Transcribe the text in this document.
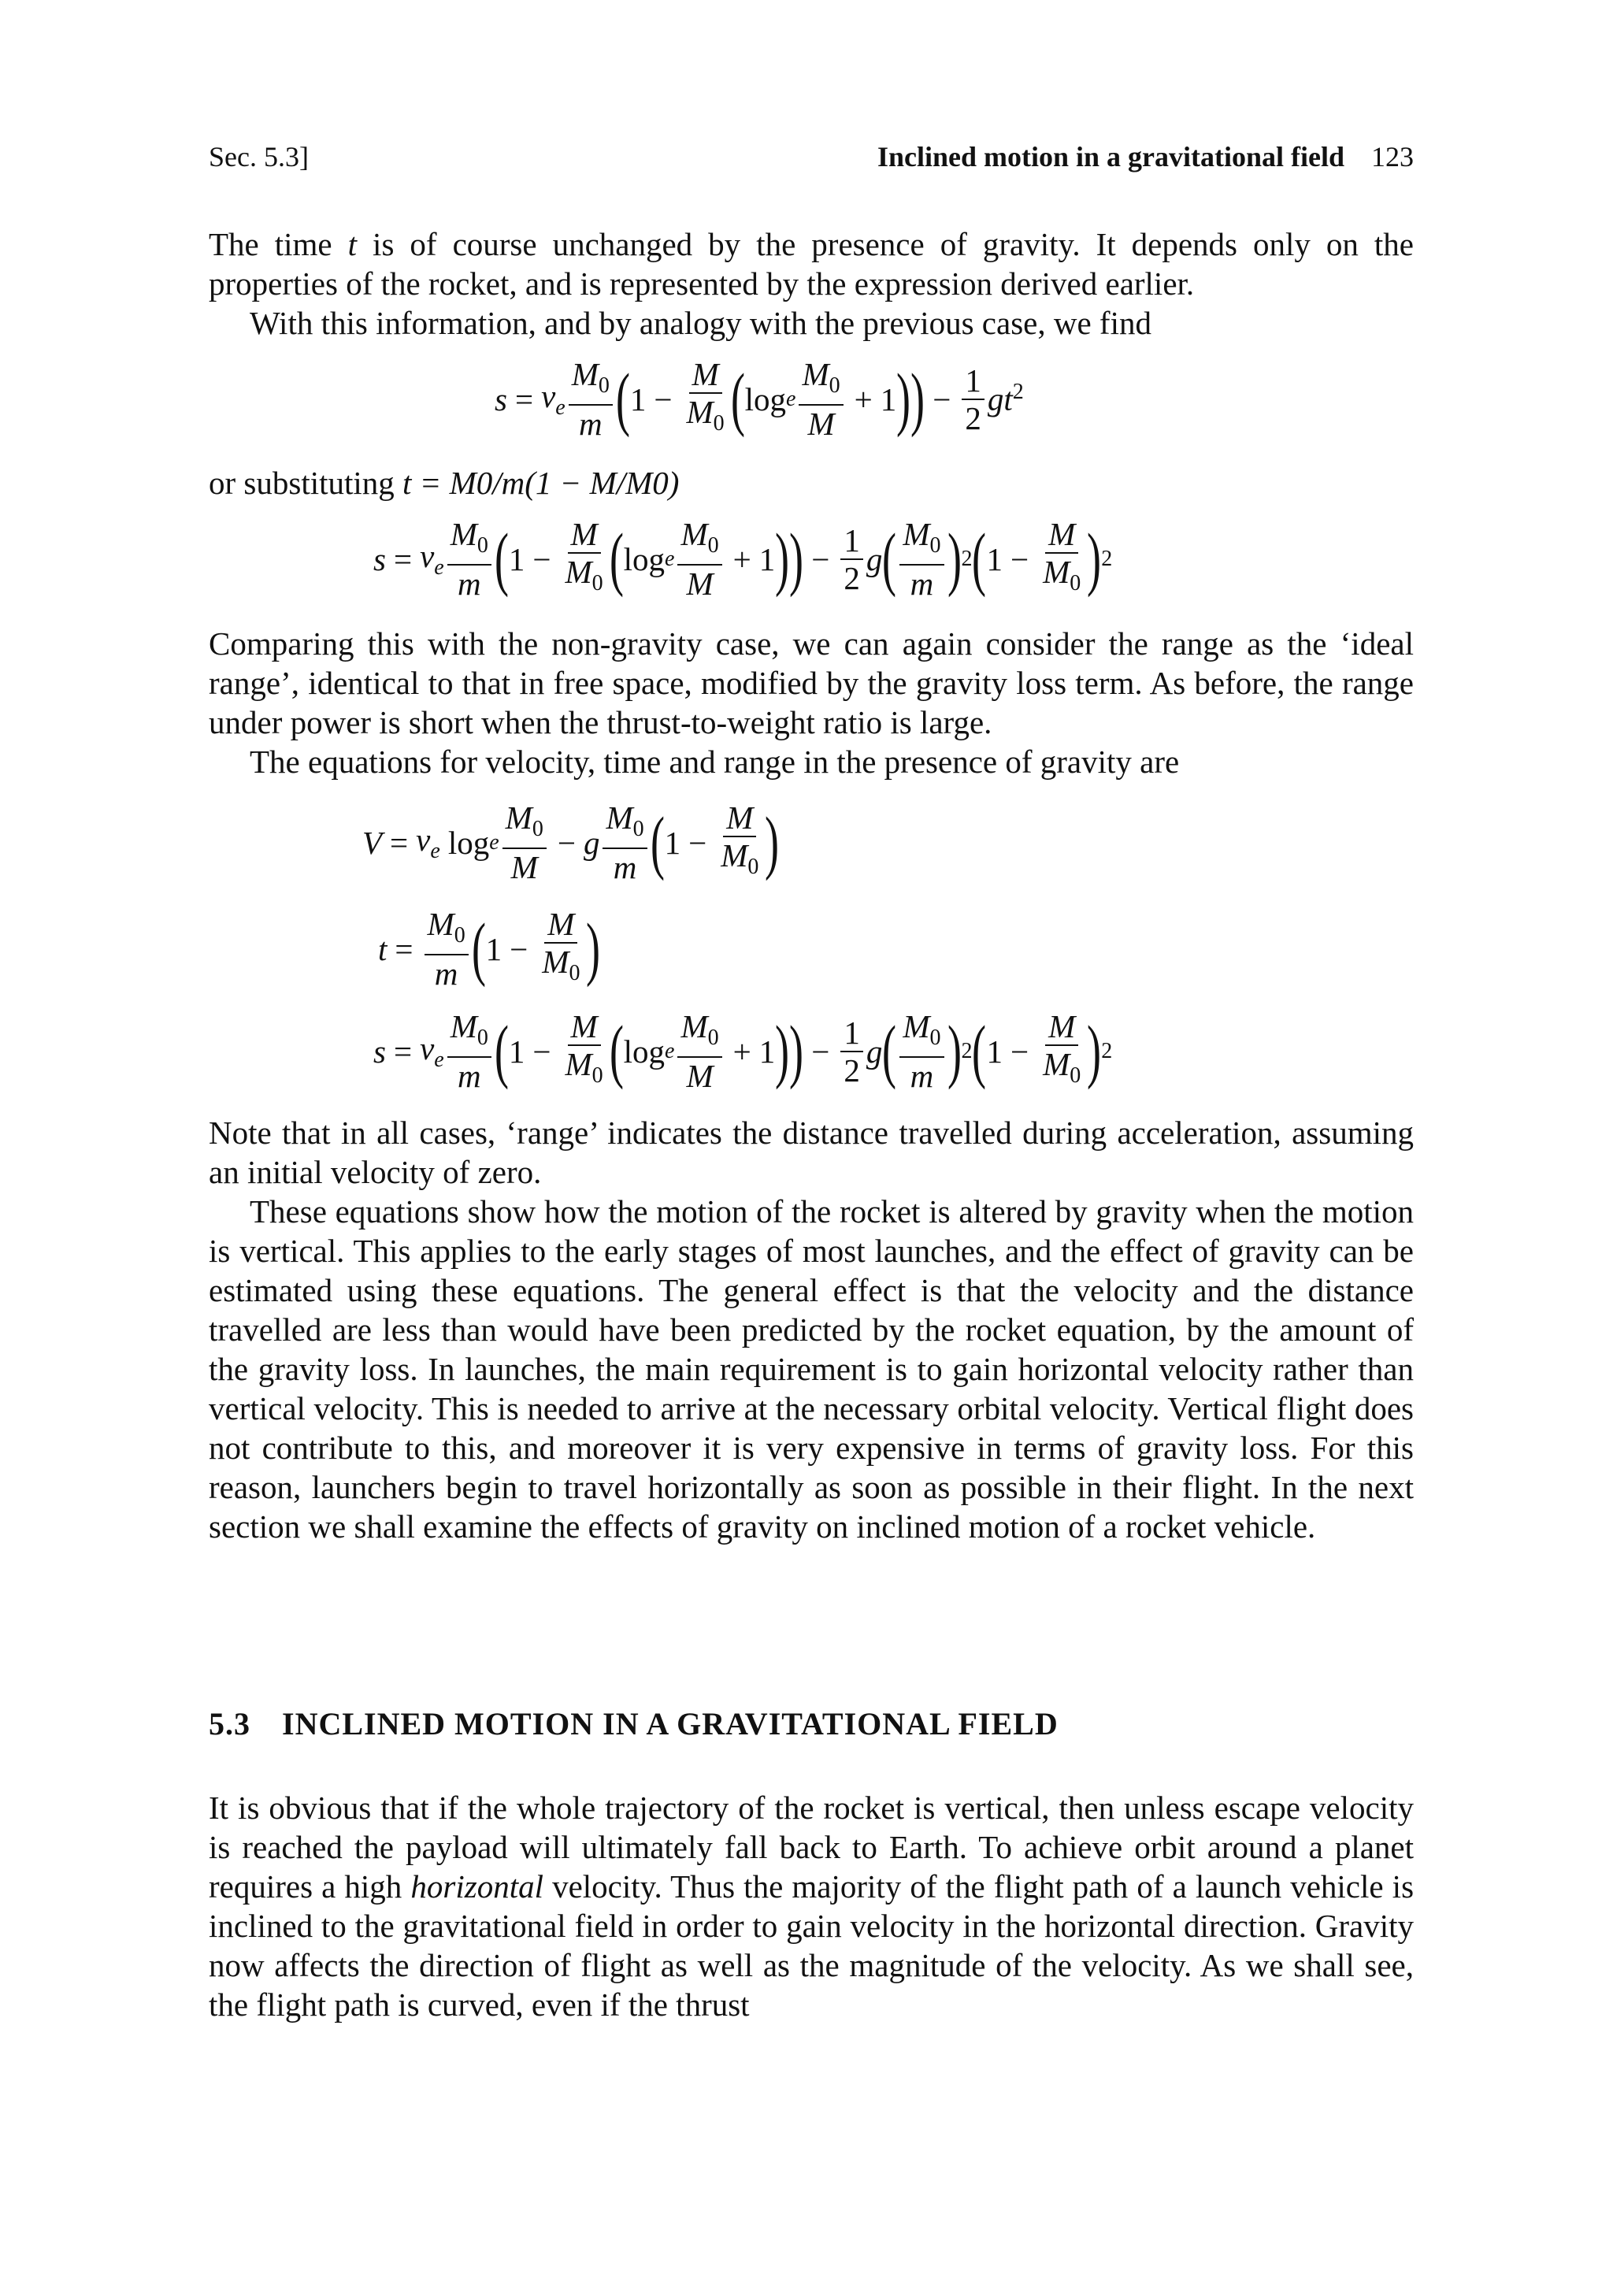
Sec. 5.3]	Inclined motion in a gravitational field 123

The time t is of course unchanged by the presence of gravity. It depends only on the properties of the rocket, and is represented by the expression derived earlier.

With this information, and by analogy with the previous case, we find

$s = v_e \frac{M_0}{m}$ ( $1 - \frac{M}{M_0}$ ( log e $\frac{M_0}{M} + 1$ ) ) − $\frac{1}{2} gt^2$

or substituting t = M0/m(1 − M/M0)

$s = v_e \frac{M_0}{m}$ ( $1 - \frac{M}{M_0}$ ( log e $\frac{M_0}{M} + 1$ ) ) − $\frac{1}{2}$ g ( $\frac{M_0}{m}$ ) 2 ( $1 - \frac{M}{M_0}$ ) 2

Comparing this with the non-gravity case, we can again consider the range as the ‘ideal range’, identical to that in free space, modified by the gravity loss term. As before, the range under power is short when the thrust-to-weight ratio is large.

The equations for velocity, time and range in the presence of gravity are

$V = v_e$ log e $\frac{M_0}{M} - g \frac{M_0}{m}$ ( $1 - \frac{M}{M_0}$ )
$t = \frac{M_0}{m}$ ( $1 - \frac{M}{M_0}$ )
$s = v_e \frac{M_0}{m}$ ( $1 - \frac{M}{M_0}$ ( log e $\frac{M_0}{M} + 1$ ) ) − $\frac{1}{2}$ g ( $\frac{M_0}{m}$ ) 2 ( $1 - \frac{M}{M_0}$ ) 2

Note that in all cases, ‘range’ indicates the distance travelled during acceleration, assuming an initial velocity of zero.

These equations show how the motion of the rocket is altered by gravity when the motion is vertical. This applies to the early stages of most launches, and the effect of gravity can be estimated using these equations. The general effect is that the velocity and the distance travelled are less than would have been predicted by the rocket equation, by the amount of the gravity loss. In launches, the main requirement is to gain horizontal velocity rather than vertical velocity. This is needed to arrive at the necessary orbital velocity. Vertical flight does not contribute to this, and moreover it is very expensive in terms of gravity loss. For this reason, launchers begin to travel horizontally as soon as possible in their flight. In the next section we shall examine the effects of gravity on inclined motion of a rocket vehicle.

5.3 INCLINED MOTION IN A GRAVITATIONAL FIELD

It is obvious that if the whole trajectory of the rocket is vertical, then unless escape velocity is reached the payload will ultimately fall back to Earth. To achieve orbit around a planet requires a high horizontal velocity. Thus the majority of the flight path of a launch vehicle is inclined to the gravitational field in order to gain velocity in the horizontal direction. Gravity now affects the direction of flight as well as the magnitude of the velocity. As we shall see, the flight path is curved, even if the thrust
